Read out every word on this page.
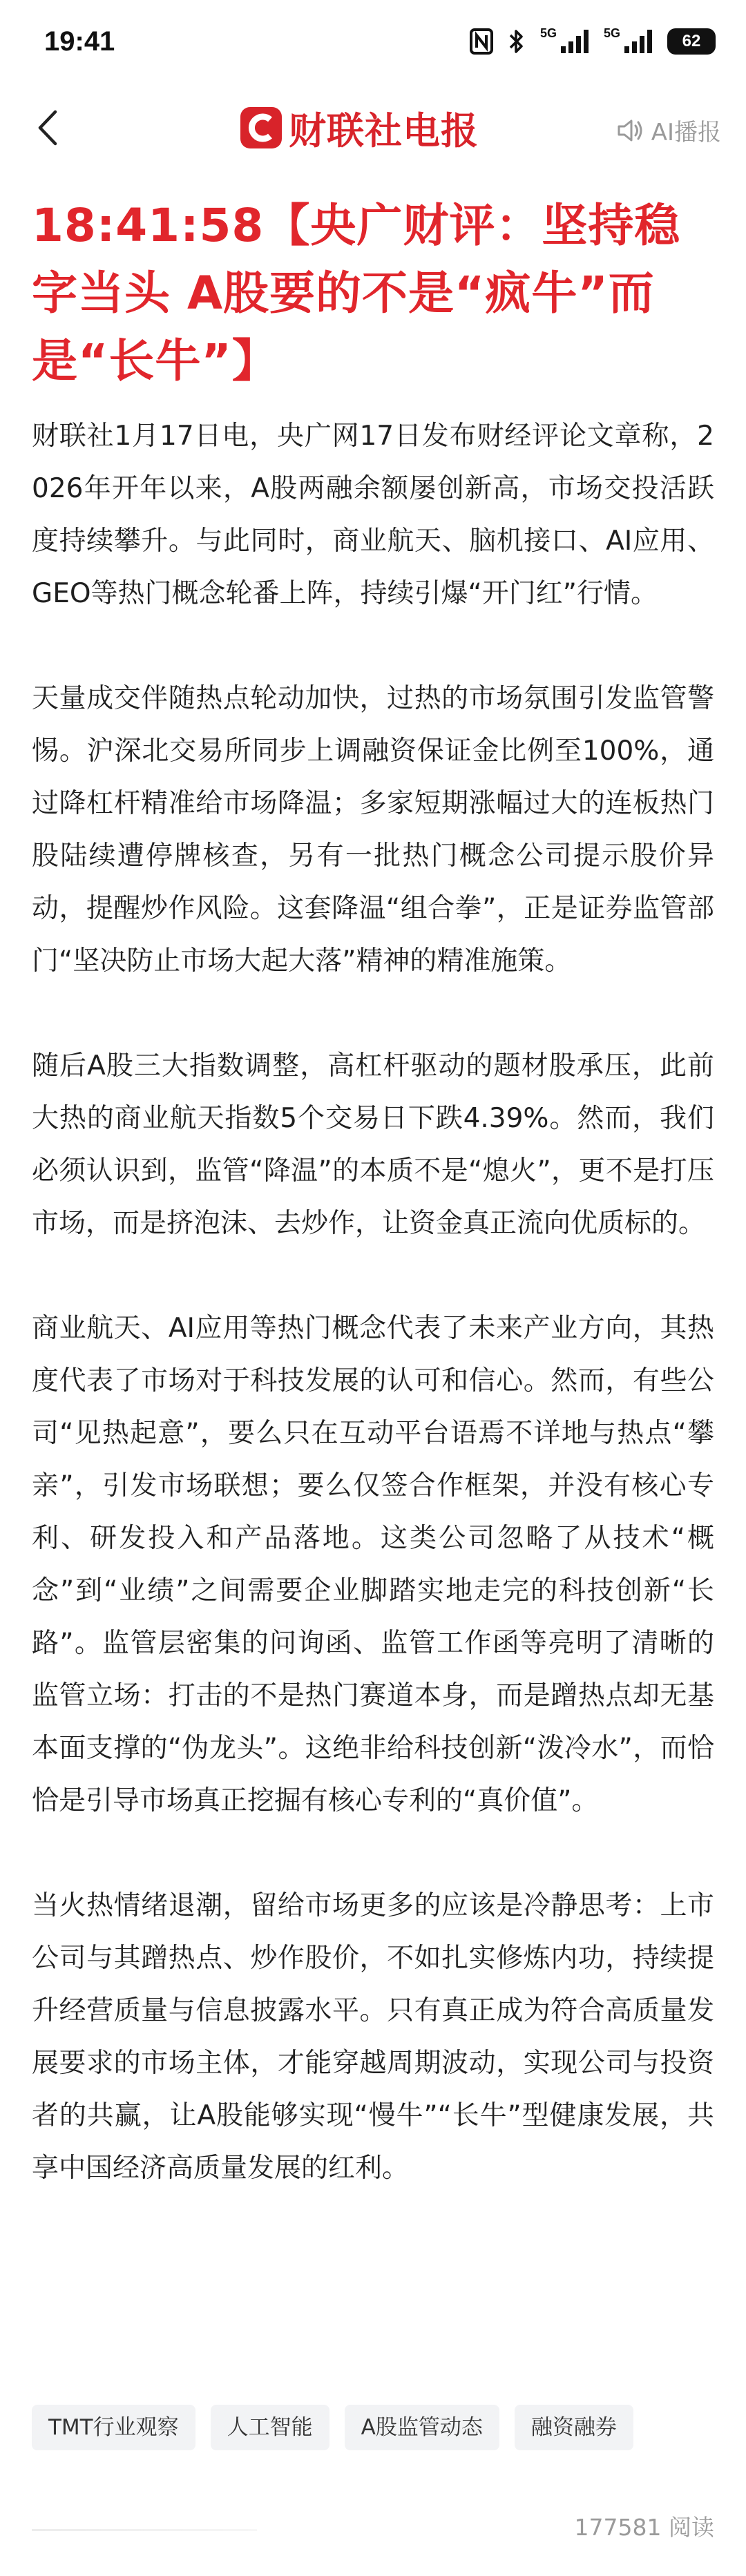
19:41	5G	5G	62
财联社电报	AI播报
18:41:58【央广财评：坚持稳字当头 A股要的不是“疯牛”而是“长牛”】

财联社1月17日电，央广网17日发布财经评论文章称，2026年开年以来，A股两融余额屡创新高，市场交投活跃度持续攀升。与此同时，商业航天、脑机接口、AI应用、GEO等热门概念轮番上阵，持续引爆“开门红”行情。

天量成交伴随热点轮动加快，过热的市场氛围引发监管警惕。沪深北交易所同步上调融资保证金比例至100%，通过降杠杆精准给市场降温；多家短期涨幅过大的连板热门股陆续遭停牌核查，另有一批热门概念公司提示股价异动，提醒炒作风险。这套降温“组合拳”，正是证券监管部门“坚决防止市场大起大落”精神的精准施策。

随后A股三大指数调整，高杠杆驱动的题材股承压，此前大热的商业航天指数5个交易日下跌4.39%。然而，我们必须认识到，监管“降温”的本质不是“熄火”，更不是打压市场，而是挤泡沫、去炒作，让资金真正流向优质标的。

商业航天、AI应用等热门概念代表了未来产业方向，其热度代表了市场对于科技发展的认可和信心。然而，有些公司“见热起意”，要么只在互动平台语焉不详地与热点“攀亲”，引发市场联想；要么仅签合作框架，并没有核心专利、研发投入和产品落地。这类公司忽略了从技术“概念”到“业绩”之间需要企业脚踏实地走完的科技创新“长路”。监管层密集的问询函、监管工作函等亮明了清晰的监管立场：打击的不是热门赛道本身，而是蹭热点却无基本面支撑的“伪龙头”。这绝非给科技创新“泼冷水”，而恰恰是引导市场真正挖掘有核心专利的“真价值”。

当火热情绪退潮，留给市场更多的应该是冷静思考：上市公司与其蹭热点、炒作股价，不如扎实修炼内功，持续提升经营质量与信息披露水平。只有真正成为符合高质量发展要求的市场主体，才能穿越周期波动，实现公司与投资者的共赢，让A股能够实现“慢牛”“长牛”型健康发展，共享中国经济高质量发展的红利。

TMT行业观察	人工智能	A股监管动态	融资融券
177581 阅读
